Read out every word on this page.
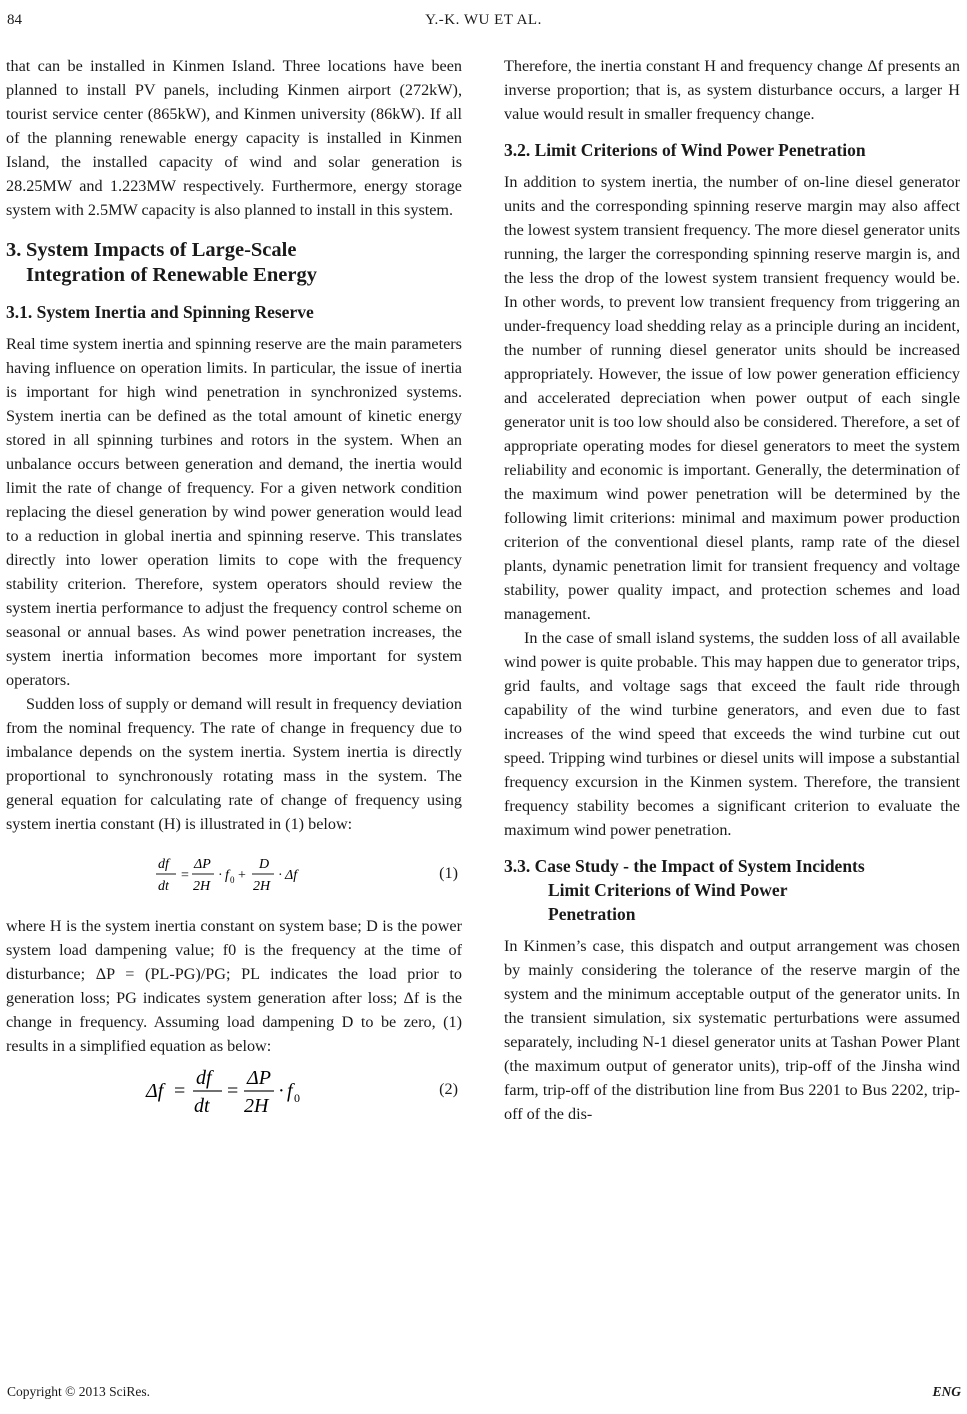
84	Y.-K. WU ET AL.

that can be installed in Kinmen Island. Three locations have been planned to install PV panels, including Kinmen airport (272kW), tourist service center (865kW), and Kinmen university (86kW). If all of the planning renewable energy capacity is installed in Kinmen Island, the installed capacity of wind and solar generation is 28.25MW and 1.223MW respectively. Furthermore, energy storage system with 2.5MW capacity is also planned to install in this system.

3. System Impacts of Large-Scale
Integration of Renewable Energy
3.1. System Inertia and Spinning Reserve

Real time system inertia and spinning reserve are the main parameters having influence on operation limits. In particular, the issue of inertia is important for high wind penetration in synchronized systems. System inertia can be defined as the total amount of kinetic energy stored in all spinning turbines and rotors in the system. When an unbalance occurs between generation and demand, the inertia would limit the rate of change of frequency. For a given network condition replacing the diesel generation by wind power generation would lead to a reduction in global inertia and spinning reserve. This translates directly into lower operation limits to cope with the frequency stability criterion. Therefore, system operators should review the system inertia performance to adjust the frequency control scheme on seasonal or annual bases. As wind power penetration increases, the system inertia information becomes more important for system operators.

Sudden loss of supply or demand will result in frequency deviation from the nominal frequency. The rate of change in frequency due to imbalance depends on the system inertia. System inertia is directly proportional to synchronously rotating mass in the system. The general equation for calculating rate of change of frequency using system inertia constant (H) is illustrated in (1) below:

df
dt
=
ΔP
2H
· f 0 +
D
2H
· Δf	(1)

where H is the system inertia constant on system base; D is the power system load dampening value; f0 is the frequency at the time of disturbance; ΔP = (PL-PG)/PG; PL indicates the load prior to generation loss; PG indicates system generation after loss; Δf is the change in frequency. Assuming load dampening D to be zero, (1) results in a simplified equation as below:

Δf =
df
dt
=
ΔP
2H
· f 0	(2)

Therefore, the inertia constant H and frequency change Δf presents an inverse proportion; that is, as system disturbance occurs, a larger H value would result in smaller frequency change.

3.2. Limit Criterions of Wind Power Penetration

In addition to system inertia, the number of on-line diesel generator units and the corresponding spinning reserve margin may also affect the lowest system transient frequency. The more diesel generator units running, the larger the corresponding spinning reserve margin is, and the less the drop of the lowest system transient frequency would be. In other words, to prevent low transient frequency from triggering an under-frequency load shedding relay as a principle during an incident, the number of running diesel generator units should be increased appropriately. However, the issue of low power generation efficiency and accelerated depreciation when power output of each single generator unit is too low should also be considered. Therefore, a set of appropriate operating modes for diesel generators to meet the system reliability and economic is important. Generally, the determination of the maximum wind power penetration will be determined by the following limit criterions: minimal and maximum power production criterion of the conventional diesel plants, ramp rate of the diesel plants, dynamic penetration limit for transient frequency and voltage stability, power quality impact, and protection schemes and load management.

In the case of small island systems, the sudden loss of all available wind power is quite probable. This may happen due to generator trips, grid faults, and voltage sags that exceed the fault ride through capability of the wind turbine generators, and even due to fast increases of the wind speed that exceeds the wind turbine cut out speed. Tripping wind turbines or diesel units will impose a substantial frequency excursion in the Kinmen system. Therefore, the transient frequency stability becomes a significant criterion to evaluate the maximum wind power penetration.

3.3. Case Study - the Impact of System Incidents
Limit Criterions of Wind Power
Penetration

In Kinmen’s case, this dispatch and output arrangement was chosen by mainly considering the tolerance of the reserve margin of the system and the minimum acceptable output of the generator units. In the transient simulation, six systematic perturbations were assumed separately, including N-1 diesel generator units at Tashan Power Plant (the maximum output of generator units), trip-off of the Jinsha wind farm, trip-off of the distribution line from Bus 2201 to Bus 2202, trip-off of the dis-

Copyright © 2013 SciRes.	ENG
